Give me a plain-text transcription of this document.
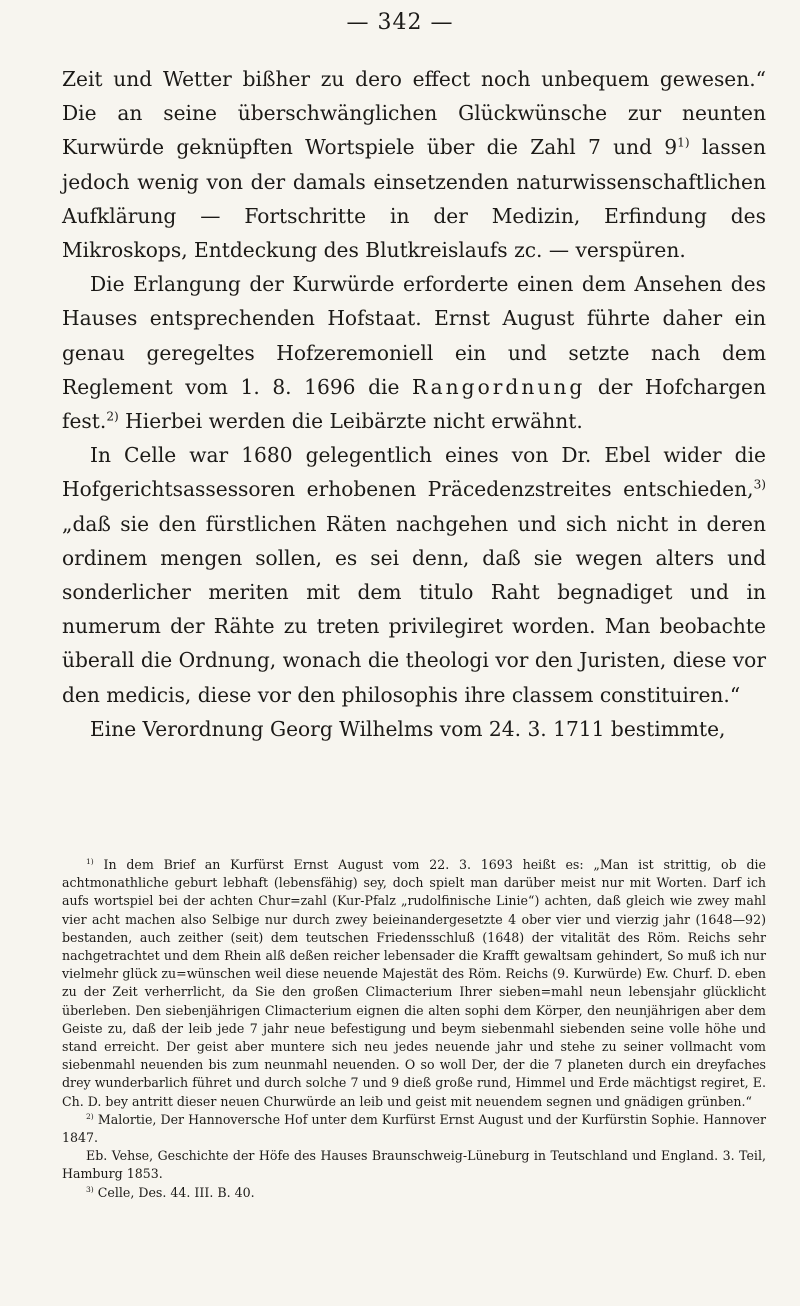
— 342 —

Zeit und Wetter bißher zu dero effect noch unbequem gewesen.“ Die an seine überschwänglichen Glückwünsche zur neunten Kurwürde geknüpften Wortspiele über die Zahl 7 und 9$^{1)}$ lassen jedoch wenig von der damals einsetzenden naturwissenschaftlichen Aufklärung — Fortschritte in der Medizin, Erfindung des Mikroskops, Entdeckung des Blutkreislaufs zc. — verspüren.

Die Erlangung der Kurwürde erforderte einen dem Ansehen des Hauses entsprechenden Hofstaat. Ernst August führte daher ein genau geregeltes Hofzeremoniell ein und setzte nach dem Reglement vom 1. 8. 1696 die Rangordnung der Hofchargen fest.$^{2)}$ Hierbei werden die Leibärzte nicht erwähnt.

In Celle war 1680 gelegentlich eines von Dr. Ebel wider die Hofgerichtsassessoren erhobenen Präcedenzstreites entschieden,$^{3)}$ „daß sie den fürstlichen Räten nachgehen und sich nicht in deren ordinem mengen sollen, es sei denn, daß sie wegen alters und sonderlicher meriten mit dem titulo Raht begnadiget und in numerum der Rähte zu treten privilegiret worden. Man beobachte überall die Ordnung, wonach die theologi vor den Juristen, diese vor den medicis, diese vor den philosophis ihre classem constituiren.“

Eine Verordnung Georg Wilhelms vom 24. 3. 1711 bestimmte,

$^{1)}$ In dem Brief an Kurfürst Ernst August vom 22. 3. 1693 heißt es: „Man ist strittig, ob die achtmonathliche geburt lebhaft (lebensfähig) sey, doch spielt man darüber meist nur mit Worten. Darf ich aufs wortspiel bei der achten Chur=zahl (Kur-Pfalz „rudolfinische Linie“) achten, daß gleich wie zwey mahl vier acht machen also Selbige nur durch zwey beieinandergesetzte 4 ober vier und vierzig jahr (1648—92) bestanden, auch zeither (seit) dem teutschen Friedensschluß (1648) der vitalität des Röm. Reichs sehr nachgetrachtet und dem Rhein alß deßen reicher lebensader die Krafft gewaltsam gehindert, So muß ich nur vielmehr glück zu=wünschen weil diese neuende Majestät des Röm. Reichs (9. Kurwürde) Ew. Churf. D. eben zu der Zeit verherrlicht, da Sie den großen Climacterium Ihrer sieben=mahl neun lebensjahr glücklicht überleben. Den siebenjährigen Climacterium eignen die alten sophi dem Körper, den neunjährigen aber dem Geiste zu, daß der leib jede 7 jahr neue befestigung und beym siebenmahl siebenden seine volle höhe und stand erreicht. Der geist aber muntere sich neu jedes neuende jahr und stehe zu seiner vollmacht vom siebenmahl neuenden bis zum neunmahl neuenden. O so woll Der, der die 7 planeten durch ein dreyfaches drey wunderbarlich führet und durch solche 7 und 9 dieß große rund, Himmel und Erde mächtigst regiret, E. Ch. D. bey antritt dieser neuen Churwürde an leib und geist mit neuendem segnen und gnädigen grünben.“

$^{2)}$ Malortie, Der Hannoversche Hof unter dem Kurfürst Ernst August und der Kurfürstin Sophie. Hannover 1847.

Eb. Vehse, Geschichte der Höfe des Hauses Braunschweig-Lüneburg in Teutschland und England. 3. Teil, Hamburg 1853.

$^{3)}$ Celle, Des. 44. III. B. 40.
